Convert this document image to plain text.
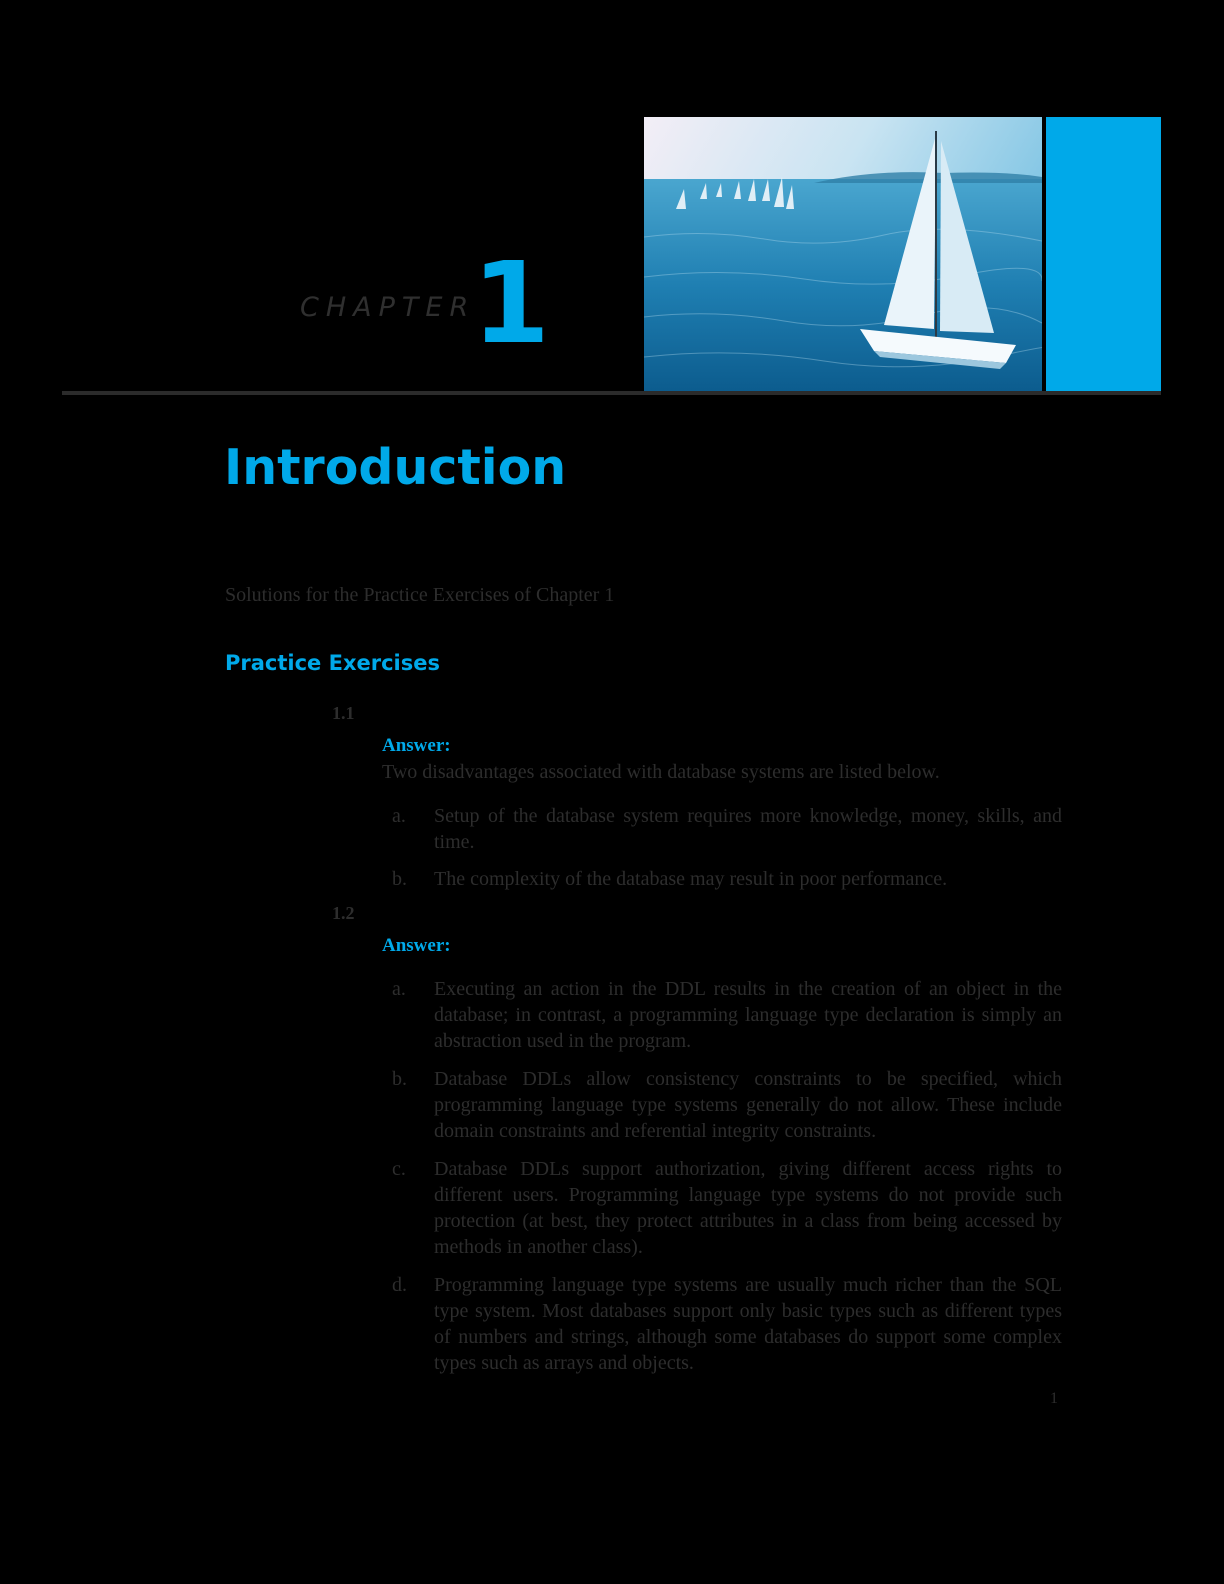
CHAPTER
1
Introduction

Solutions for the Practice Exercises of Chapter 1

Practice Exercises
1.1
Answer:

Two disadvantages associated with database systems are listed below.

a. Setup of the database system requires more knowledge, money, skills, and time.
b. The complexity of the database may result in poor performance.
1.2
Answer:
a. Executing an action in the DDL results in the creation of an object in the database; in contrast, a programming language type declaration is simply an abstraction used in the program.
b. Database DDLs allow consistency constraints to be specified, which programming language type systems generally do not allow. These include domain constraints and referential integrity constraints.
c. Database DDLs support authorization, giving different access rights to different users. Programming language type systems do not provide such protection (at best, they protect attributes in a class from being accessed by methods in another class).
d. Programming language type systems are usually much richer than the SQL type system. Most databases support only basic types such as different types of numbers and strings, although some databases do support some complex types such as arrays and objects.
1
